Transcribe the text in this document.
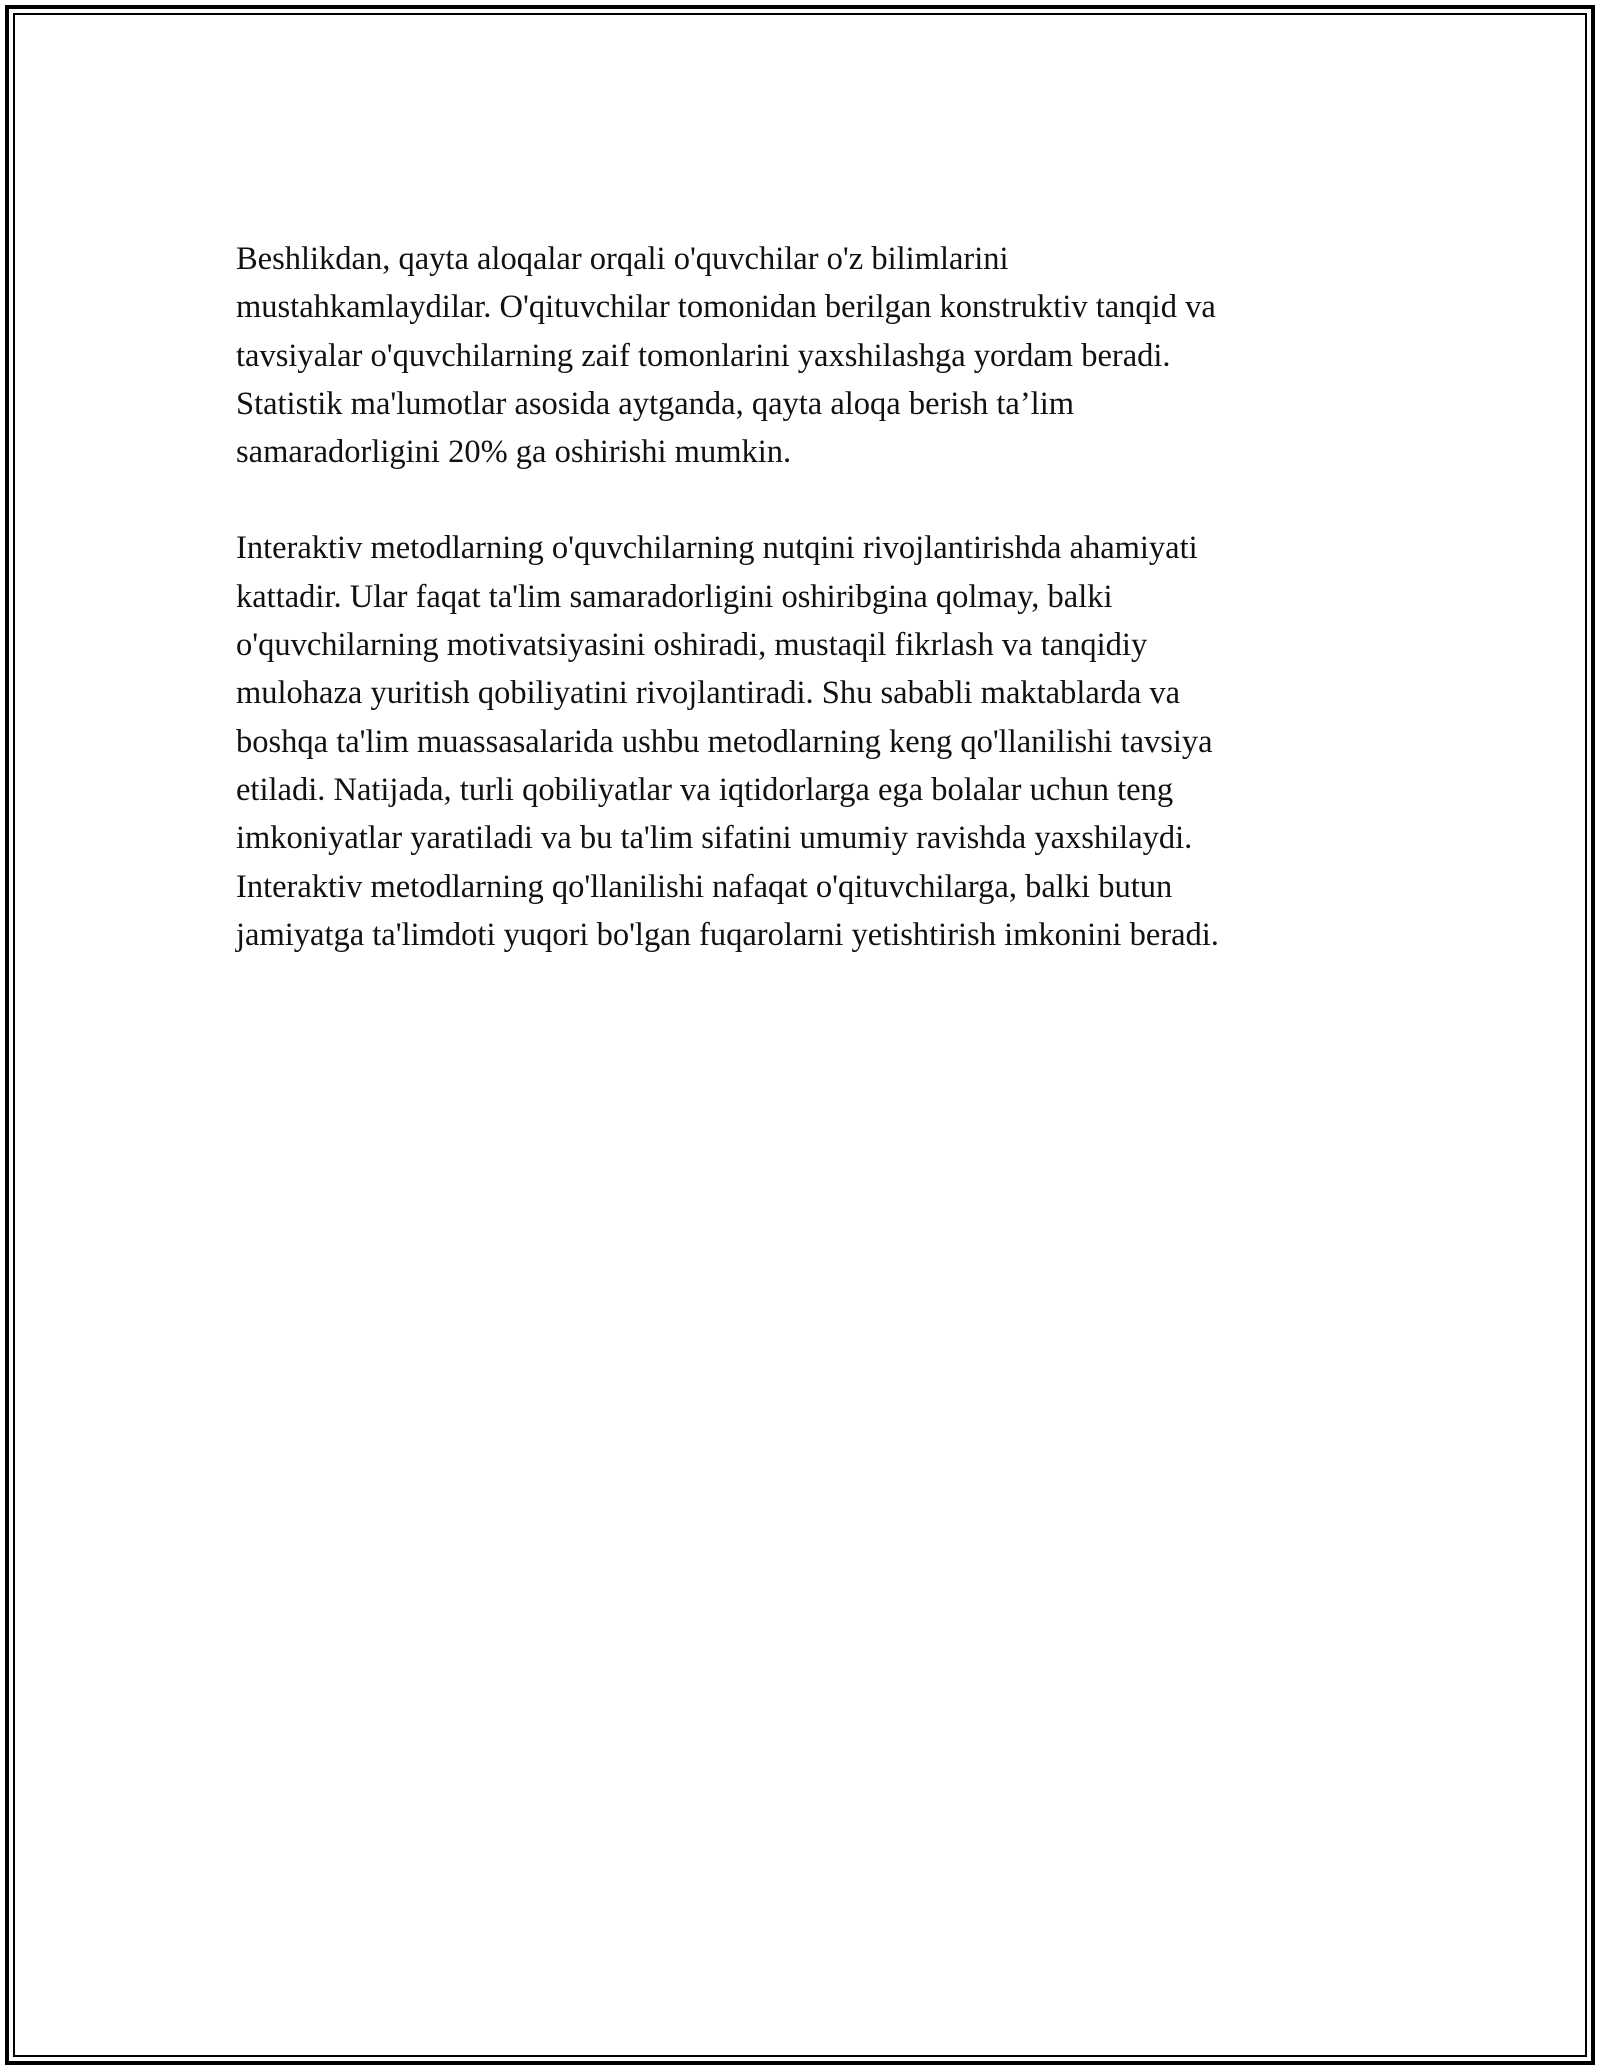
Beshlikdan, qayta aloqalar orqali o'quvchilar o'z bilimlarini
mustahkamlaydilar. O'qituvchilar tomonidan berilgan konstruktiv tanqid va
tavsiyalar o'quvchilarning zaif tomonlarini yaxshilashga yordam beradi.
Statistik ma'lumotlar asosida aytganda, qayta aloqa berish ta’lim
samaradorligini 20% ga oshirishi mumkin.

Interaktiv metodlarning o'quvchilarning nutqini rivojlantirishda ahamiyati
kattadir. Ular faqat ta'lim samaradorligini oshiribgina qolmay, balki
o'quvchilarning motivatsiyasini oshiradi, mustaqil fikrlash va tanqidiy
mulohaza yuritish qobiliyatini rivojlantiradi. Shu sababli maktablarda va
boshqa ta'lim muassasalarida ushbu metodlarning keng qo'llanilishi tavsiya
etiladi. Natijada, turli qobiliyatlar va iqtidorlarga ega bolalar uchun teng
imkoniyatlar yaratiladi va bu ta'lim sifatini umumiy ravishda yaxshilaydi.
Interaktiv metodlarning qo'llanilishi nafaqat o'qituvchilarga, balki butun
jamiyatga ta'limdoti yuqori bo'lgan fuqarolarni yetishtirish imkonini beradi.
